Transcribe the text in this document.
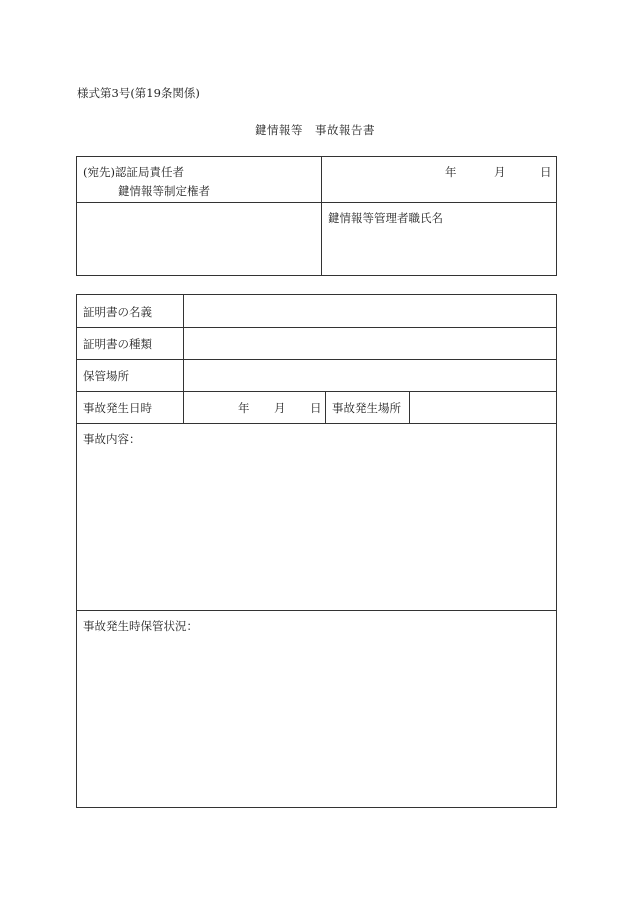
様式第3号(第19条関係)
鍵情報等　事故報告書
(宛先)認証局責任者
鍵情報等制定権者
年	月	日
鍵情報等管理者職氏名
証明書の名義
証明書の種類
保管場所
事故発生日時	年 月 日 事故発生場所
事故内容：
事故発生時保管状況：
